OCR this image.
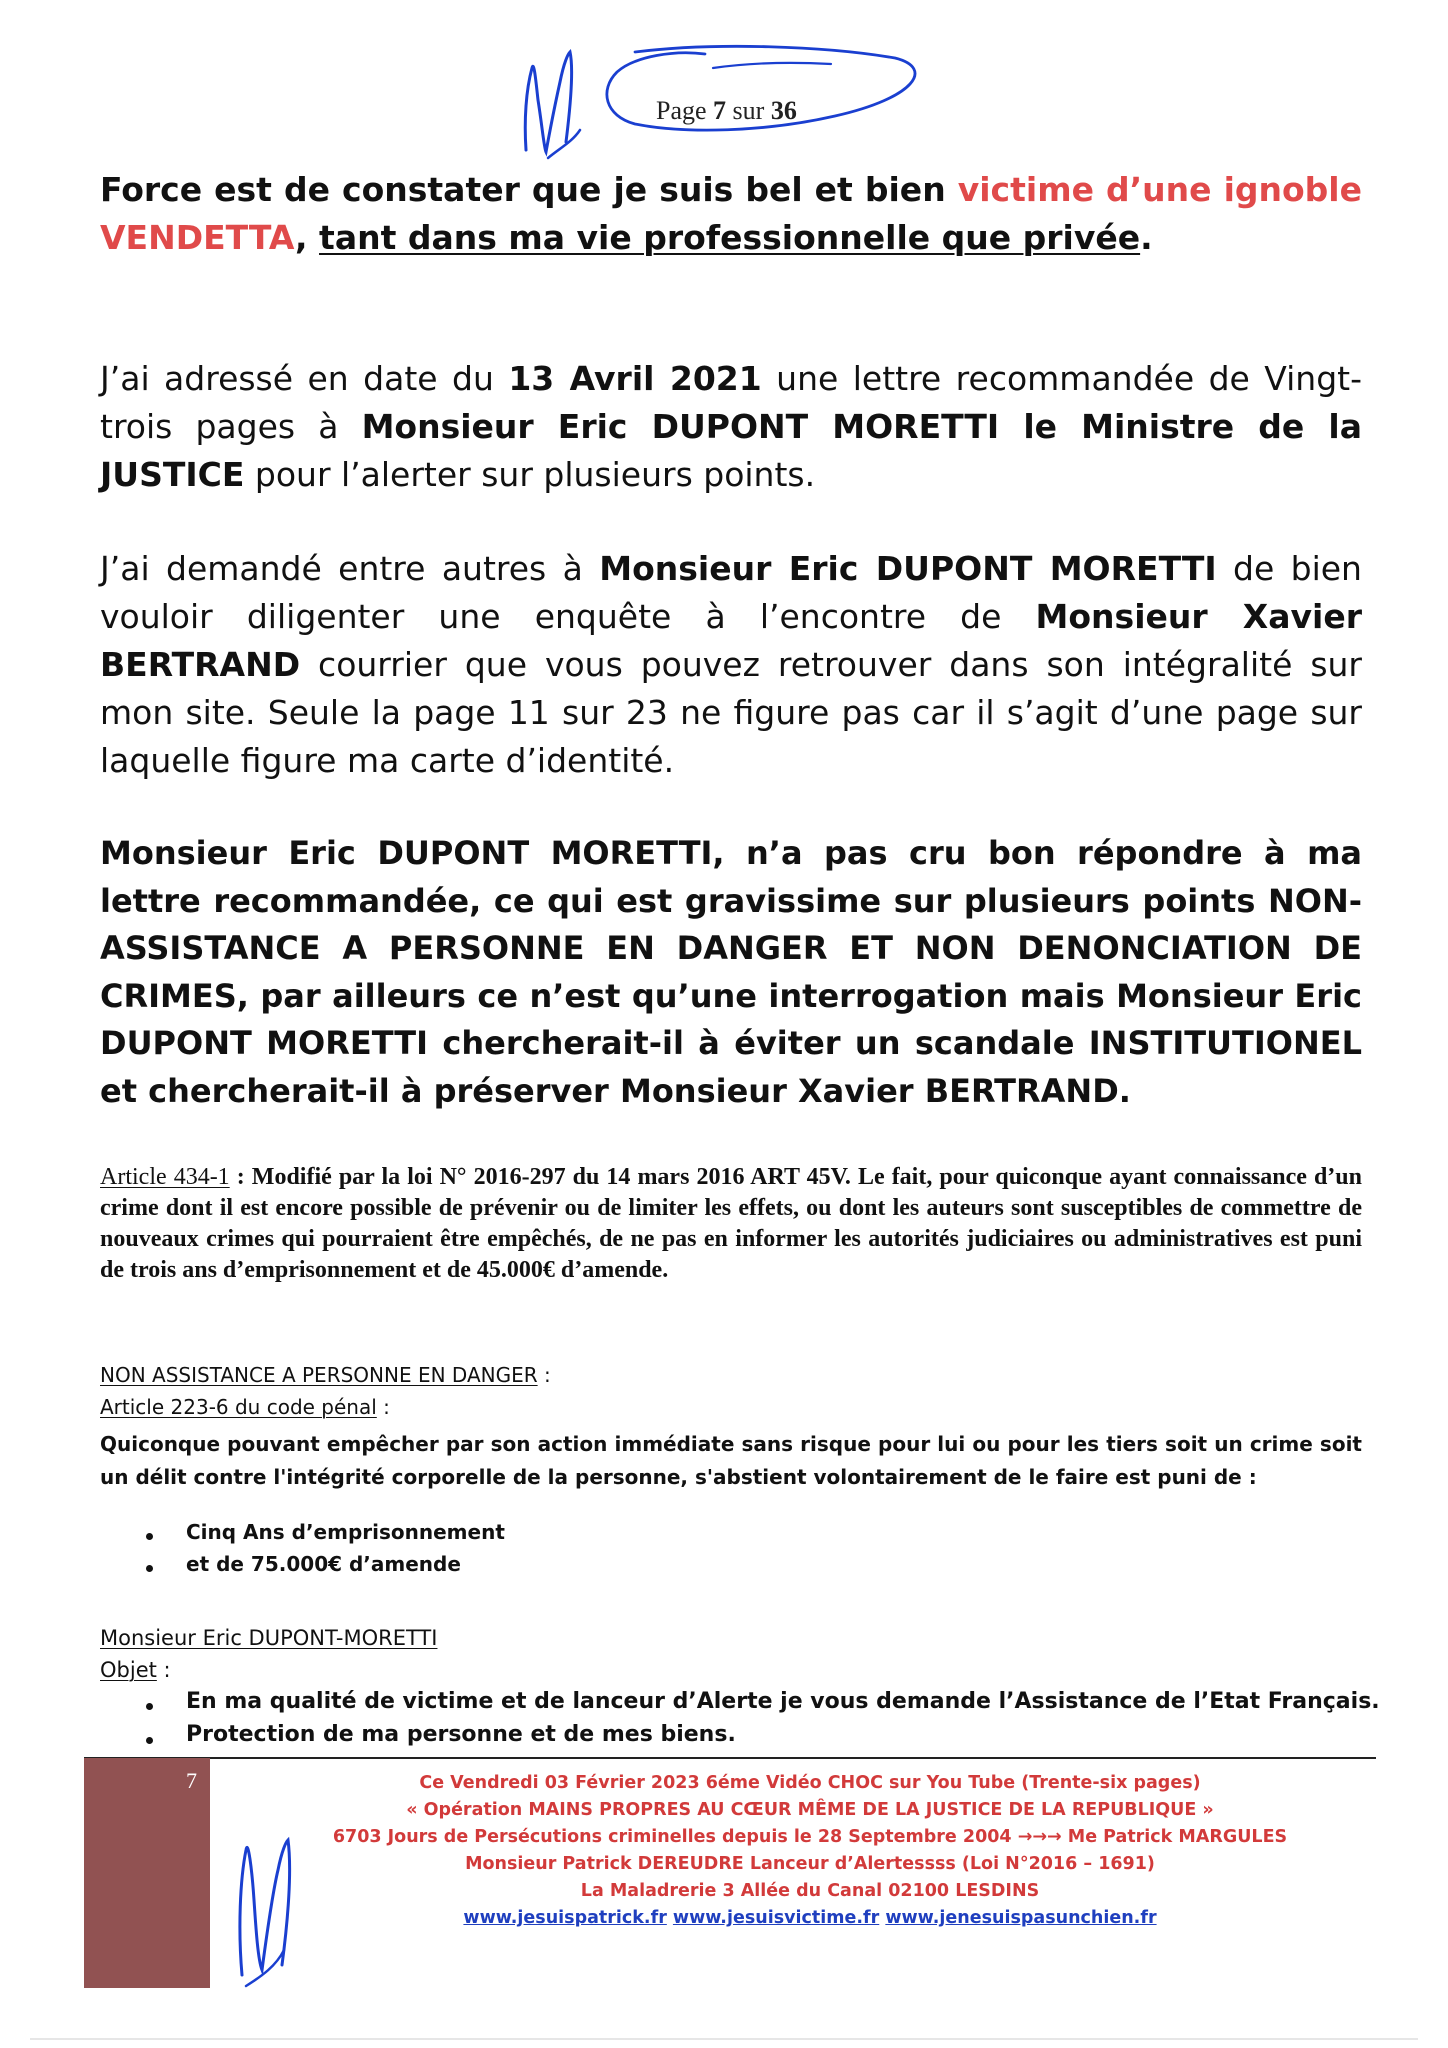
Page 7 sur 36
Force est de constater que je suis bel et bien victime d’une ignoble VENDETTA, tant dans ma vie professionnelle que privée.
J’ai adressé en date du 13 Avril 2021 une lettre recommandée de Vingt-trois pages à Monsieur Eric DUPONT MORETTI le Ministre de la JUSTICE pour l’alerter sur plusieurs points.
J’ai demandé entre autres à Monsieur Eric DUPONT MORETTI de bien vouloir diligenter une enquête à l’encontre de Monsieur Xavier BERTRAND courrier que vous pouvez retrouver dans son intégralité sur mon site. Seule la page 11 sur 23 ne figure pas car il s’agit d’une page sur laquelle figure ma carte d’identité.
Monsieur Eric DUPONT MORETTI, n’a pas cru bon répondre à ma lettre recommandée, ce qui est gravissime sur plusieurs points NON-ASSISTANCE A PERSONNE EN DANGER ET NON DENONCIATION DE CRIMES, par ailleurs ce n’est qu’une interrogation mais Monsieur Eric DUPONT MORETTI chercherait-il à éviter un scandale INSTITUTIONEL et chercherait-il à préserver Monsieur Xavier BERTRAND.
Article 434-1 : Modifié par la loi N° 2016-297 du 14 mars 2016 ART 45V. Le fait, pour quiconque ayant connaissance d’un crime dont il est encore possible de prévenir ou de limiter les effets, ou dont les auteurs sont susceptibles de commettre de nouveaux crimes qui pourraient être empêchés, de ne pas en informer les autorités judiciaires ou administratives est puni de trois ans d’emprisonnement et de 45.000€ d’amende.
NON ASSISTANCE A PERSONNE EN DANGER :
Article 223-6 du code pénal :
Quiconque pouvant empêcher par son action immédiate sans risque pour lui ou pour les tiers soit un crime soit un délit contre l'intégrité corporelle de la personne, s'abstient volontairement de le faire est puni de :
Cinq Ans d’emprisonnement
et de 75.000€ d’amende
Monsieur Eric DUPONT-MORETTI
Objet :
En ma qualité de victime et de lanceur d’Alerte je vous demande l’Assistance de l’Etat Français.
Protection de ma personne et de mes biens.
7	Ce Vendredi 03 Février 2023 6éme Vidéo CHOC sur You Tube (Trente-six pages)
« Opération MAINS PROPRES AU CŒUR MÊME DE LA JUSTICE DE LA REPUBLIQUE »
6703 Jours de Persécutions criminelles depuis le 28 Septembre 2004 →→→ Me Patrick MARGULES
Monsieur Patrick DEREUDRE Lanceur d’Alertessss (Loi N°2016 – 1691)
La Maladrerie 3 Allée du Canal 02100 LESDINS
www.jesuispatrick.fr www.jesuisvictime.fr www.jenesuispasunchien.fr
